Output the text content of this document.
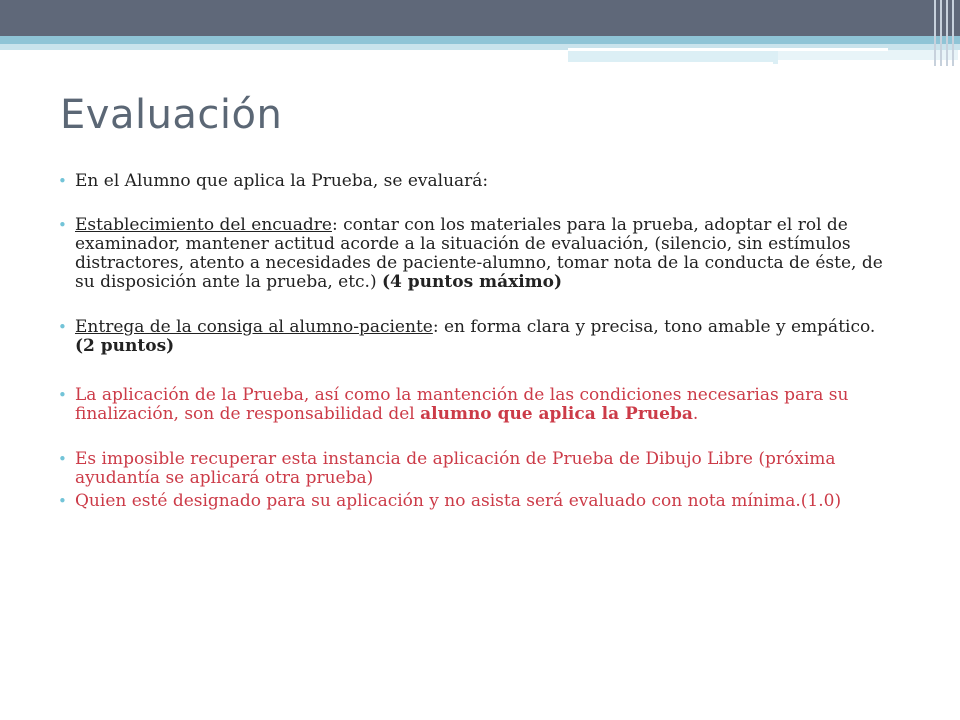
Evaluación
• En el Alumno que aplica la Prueba, se evaluará:
• Establecimiento del encuadre: contar con los materiales para la prueba, adoptar el rol de examinador, mantener actitud acorde a la situación de evaluación, (silencio, sin estímulos distractores, atento a necesidades de paciente-alumno, tomar nota de la conducta de éste, de su disposición ante la prueba, etc.) (4 puntos máximo)
• Entrega de la consiga al alumno-paciente: en forma clara y precisa, tono amable y empático. (2 puntos)
• La aplicación de la Prueba, así como la mantención de las condiciones necesarias para su finalización, son de responsabilidad del alumno que aplica la Prueba.
• Es imposible recuperar esta instancia de aplicación de Prueba de Dibujo Libre (próxima ayudantía se aplicará otra prueba)
• Quien esté designado para su aplicación y no asista será evaluado con nota mínima.(1.0)
